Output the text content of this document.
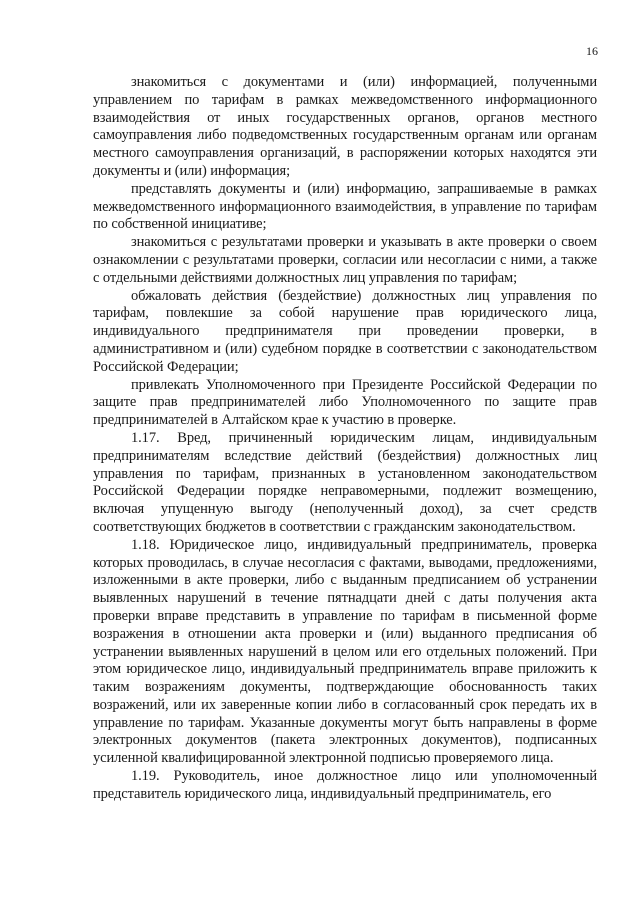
16

знакомиться с документами и (или) информацией, полученными управлением по тарифам в рамках межведомственного информационного взаимодействия от иных государственных органов, органов местного самоуправления либо подведомственных государственным органам или органам местного самоуправления организаций, в распоряжении которых находятся эти документы и (или) информация;

представлять документы и (или) информацию, запрашиваемые в рамках межведомственного информационного взаимодействия, в управление по тарифам по собственной инициативе;

знакомиться с результатами проверки и указывать в акте проверки о своем ознакомлении с результатами проверки, согласии или несогласии с ними, а также с отдельными действиями должностных лиц управления по тарифам;

обжаловать действия (бездействие) должностных лиц управления по тарифам, повлекшие за собой нарушение прав юридического лица, индивидуального предпринимателя при проведении проверки, в административном и (или) судебном порядке в соответствии с законодательством Российской Федерации;

привлекать Уполномоченного при Президенте Российской Федерации по защите прав предпринимателей либо Уполномоченного по защите прав предпринимателей в Алтайском крае к участию в проверке.

1.17. Вред, причиненный юридическим лицам, индивидуальным предпринимателям вследствие действий (бездействия) должностных лиц управления по тарифам, признанных в установленном законодательством Российской Федерации порядке неправомерными, подлежит возмещению, включая упущенную выгоду (неполученный доход), за счет средств соответствующих бюджетов в соответствии с гражданским законодательством.

1.18. Юридическое лицо, индивидуальный предприниматель, проверка которых проводилась, в случае несогласия с фактами, выводами, предложениями, изложенными в акте проверки, либо с выданным предписанием об устранении выявленных нарушений в течение пятнадцати дней с даты получения акта проверки вправе представить в управление по тарифам в письменной форме возражения в отношении акта проверки и (или) выданного предписания об устранении выявленных нарушений в целом или его отдельных положений. При этом юридическое лицо, индивидуальный предприниматель вправе приложить к таким возражениям документы, подтверждающие обоснованность таких возражений, или их заверенные копии либо в согласованный срок передать их в управление по тарифам. Указанные документы могут быть направлены в форме электронных документов (пакета электронных документов), подписанных усиленной квалифицированной электронной подписью проверяемого лица.

1.19. Руководитель, иное должностное лицо или уполномоченный представитель юридического лица, индивидуальный предприниматель, его
